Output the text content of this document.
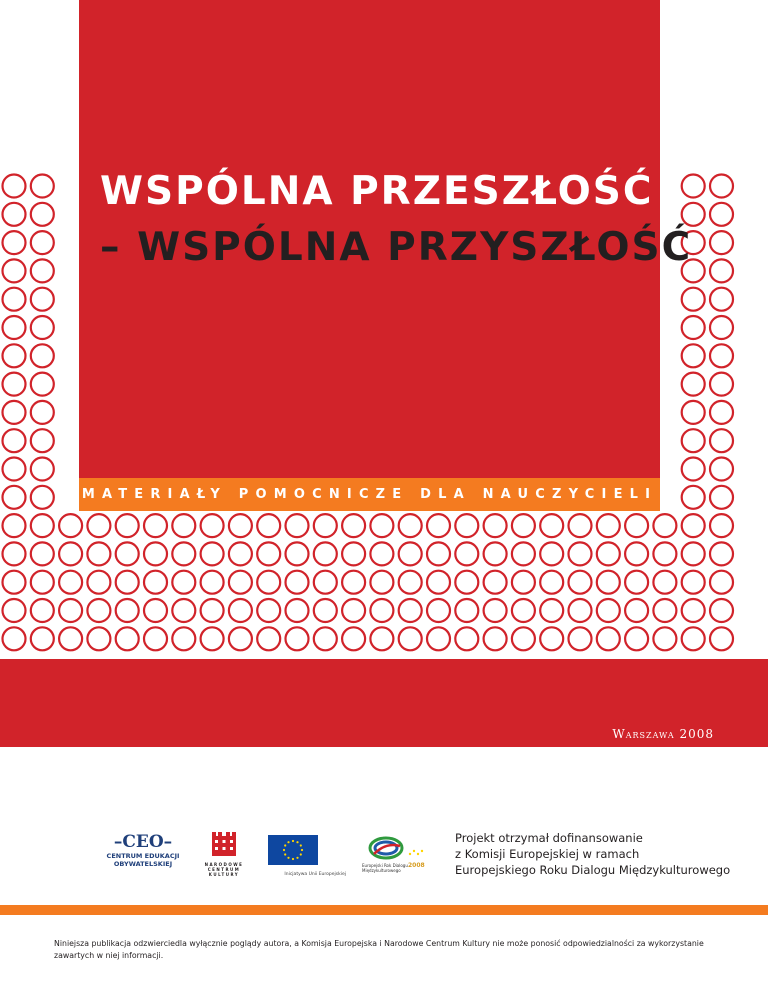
WSPÓLNA PRZESZŁOŚĆ
– WSPÓLNA PRZYSZŁOŚĆ
MATERIAŁY POMOCNICZE DLA NAUCZYCIELI
Warszawa 2008
–CEO–
CENTRUM EDUKACJI
OBYWATELSKIEJ	NARODOWE
CENTRUM
KULTURY	Inicjatywa Unii Europejskiej
Europejski Rok Dialogu
Międzykulturowego
2008

Projekt otrzymał dofinansowanie
z Komisji Europejskiej w ramach
Europejskiego Roku Dialogu Międzykulturowego

Niniejsza publikacja odzwierciedla wyłącznie poglądy autora, a Komisja Europejska i Narodowe Centrum Kultury nie może ponosić odpowiedzialności za wykorzystanie zawartych w niej informacji.
